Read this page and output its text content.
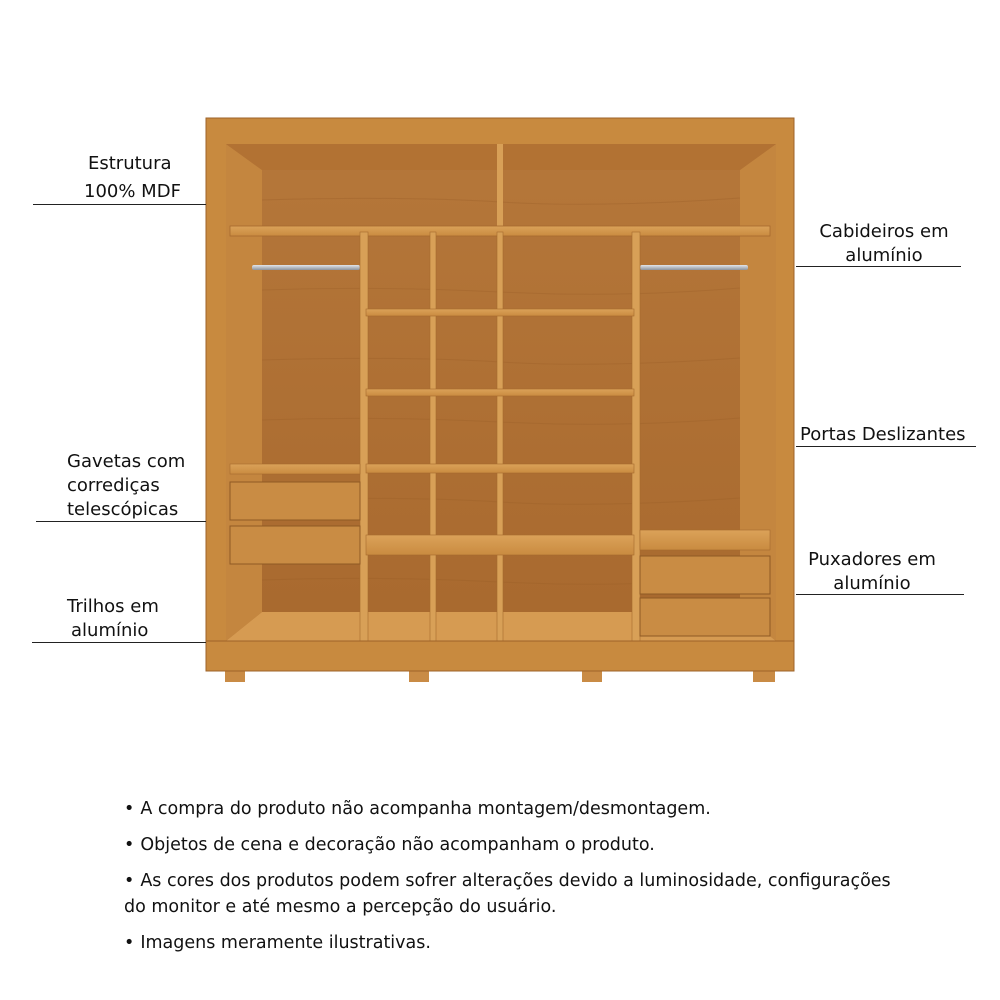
Estrutura
100% MDF
Cabideiros em
alumínio
Portas Deslizantes
Gavetas com
corrediças
telescópicas
Puxadores em
alumínio
Trilhos em
alumínio
• A compra do produto não acompanha montagem/desmontagem.
• Objetos de cena e decoração não acompanham o produto.
• As cores dos produtos podem sofrer alterações devido a luminosidade, configurações do monitor e até mesmo a percepção do usuário.
• Imagens meramente ilustrativas.
